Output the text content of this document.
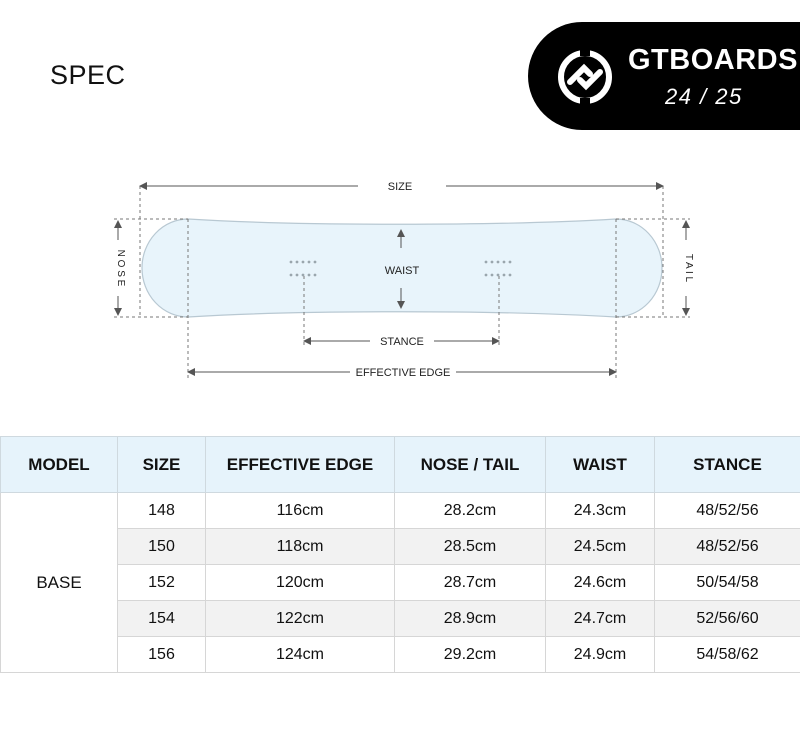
SPEC	GTBOARDS
24 / 25
SIZE
WAIST
STANCE
EFFECTIVE EDGE
N O S E	T A I L
MODEL	SIZE	EFFECTIVE EDGE	NOSE / TAIL	WAIST	STANCE
BASE	148	116cm	28.2cm	24.3cm	48/52/56
	150	118cm	28.5cm	24.5cm	48/52/56
	152	120cm	28.7cm	24.6cm	50/54/58
	154	122cm	28.9cm	24.7cm	52/56/60
	156	124cm	29.2cm	24.9cm	54/58/62
